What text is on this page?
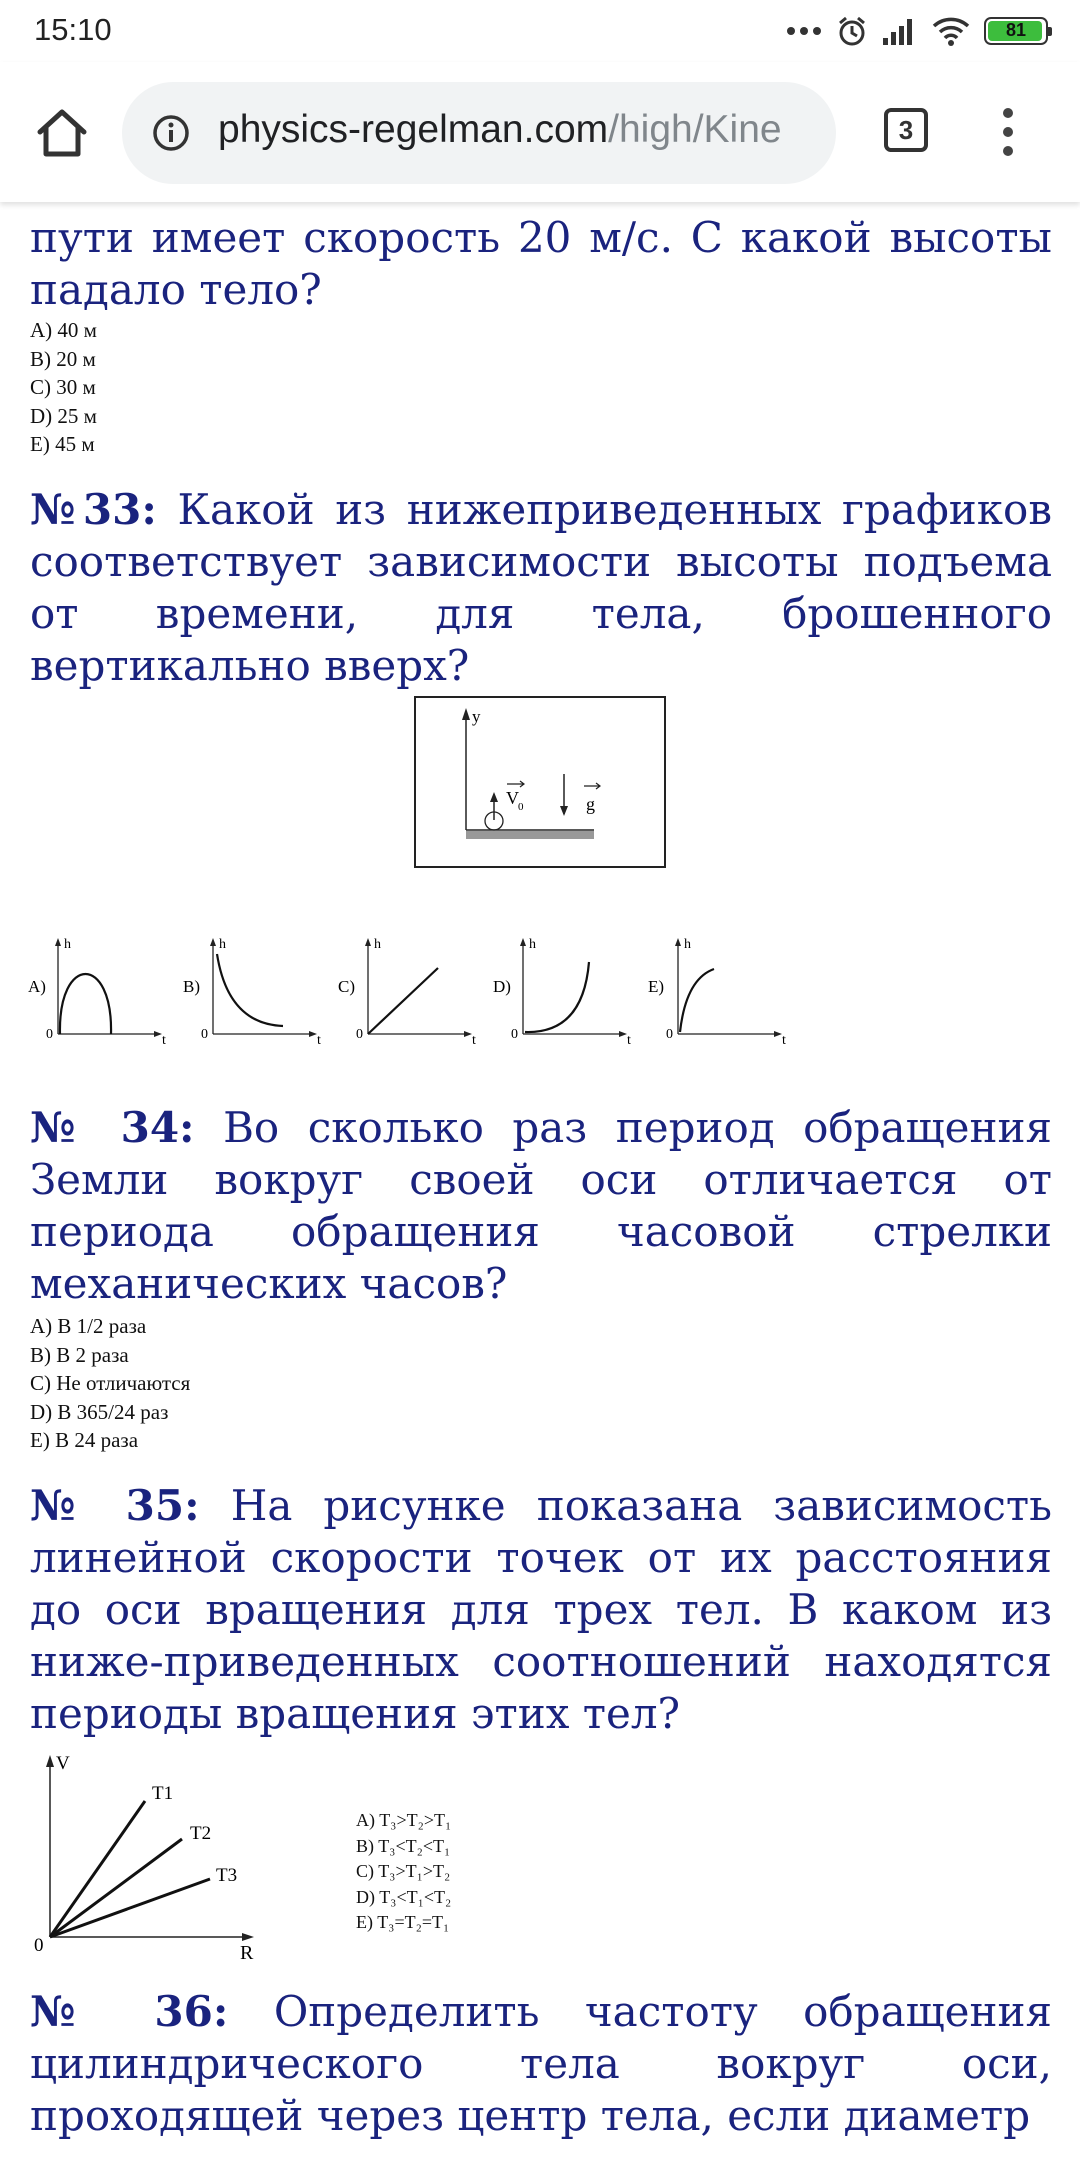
15:10	81
physics-regelman.com/high/Kine	3

пути имеет скорость 20 м/с. С какой высоты падало тело?

A) 40 м
B) 20 м
C) 30 м
D) 25 м
E) 45 м

№33: Какой из нижеприведенных графиков соответствует зависимости высоты подъема от времени, для тела, брошенного вертикально вверх?

y
V 0	g
A)
h
t
0
B)
h
t
0
C)
h
t
0
D)
h
t
0
E)
h
t
0

№ 34: Во сколько раз период обращения Земли вокруг своей оси отличается от периода обращения часовой стрелки механических часов?

A) В 1/2 раза
B) В 2 раза
C) Не отличаются
D) В 365/24 раз
E) В 24 раза

№ 35: На рисунке показана зависимость линейной скорости точек от их расстояния до оси вращения для трех тел. В каком из ниже-приведенных соотношений находятся периоды вращения этих тел?

V
R
0
T1
T2
T3
A) T₃>T₂>T₁
B) T₃<T₂<T₁
C) T₃>T₁>T₂
D) T₃<T₁<T₂
E) T₃=T₂=T₁

№ 36: Определить частоту обращения цилиндрического тела вокруг оси, проходящей через центр тела, если диаметр
